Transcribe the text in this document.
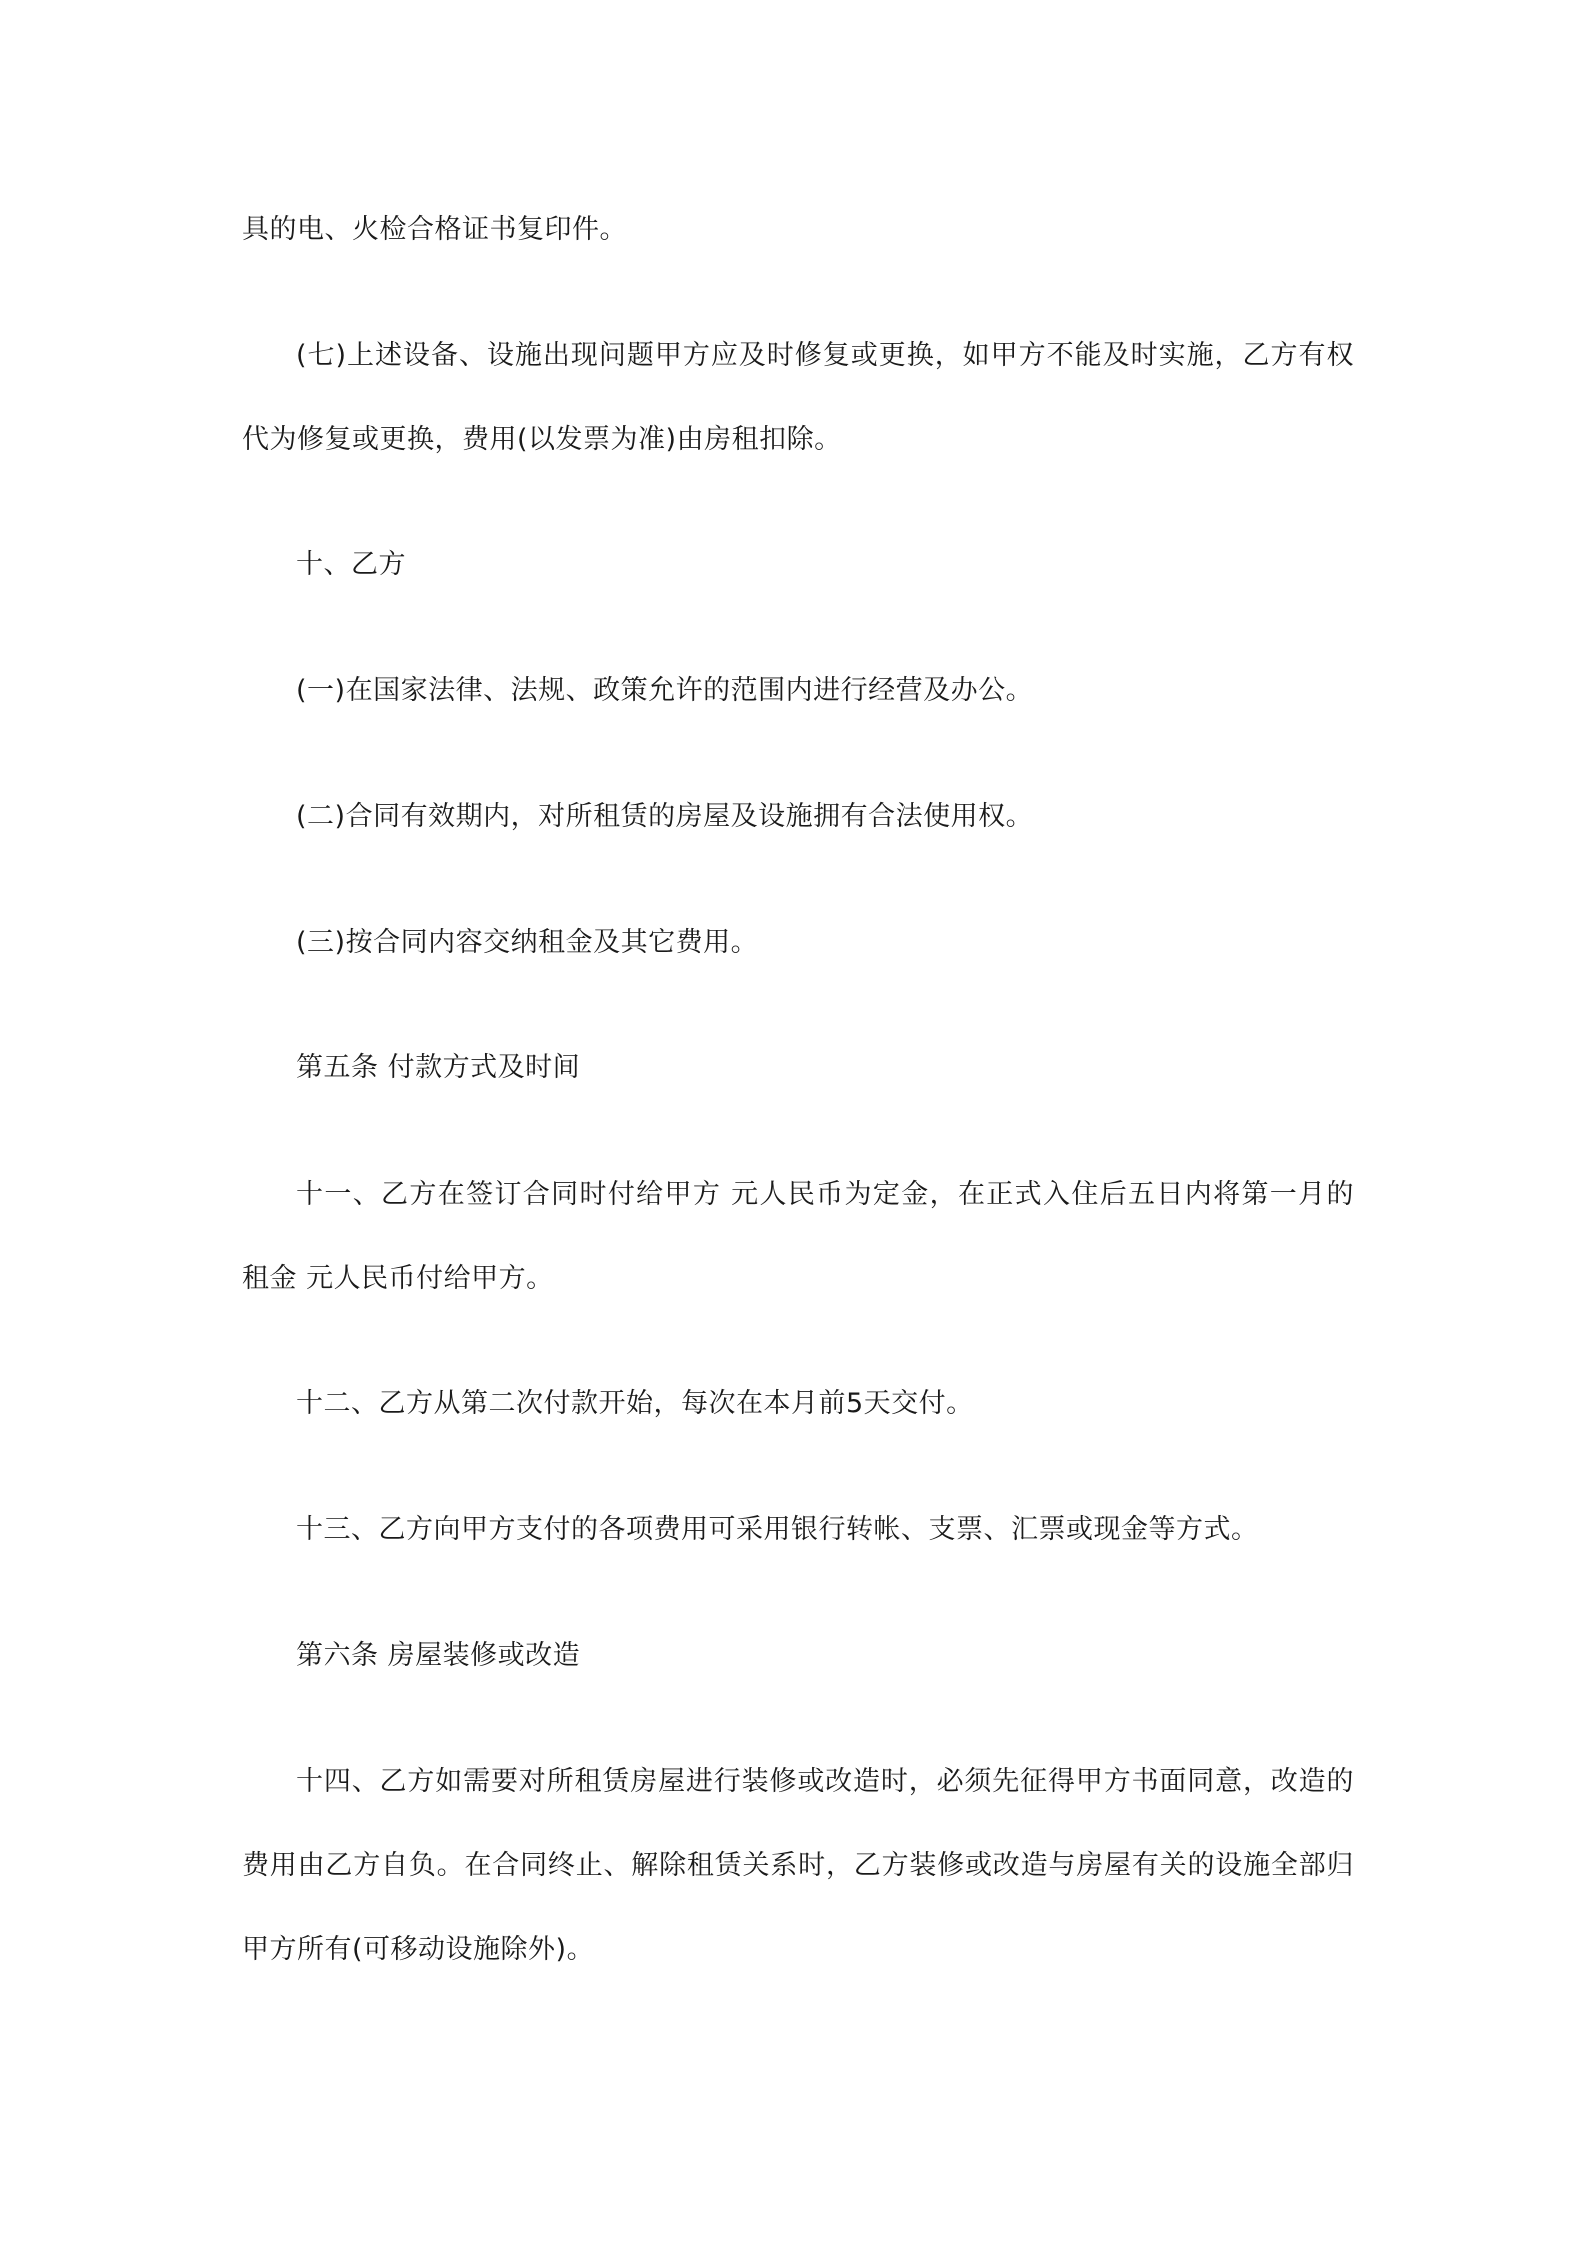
具的电、火检合格证书复印件。
(七)上述设备、设施出现问题甲方应及时修复或更换，如甲方不能及时实施，乙方有权
代为修复或更换，费用(以发票为准)由房租扣除。
十、乙方
(一)在国家法律、法规、政策允许的范围内进行经营及办公。
(二)合同有效期内，对所租赁的房屋及设施拥有合法使用权。
(三)按合同内容交纳租金及其它费用。
第五条 付款方式及时间
十一、乙方在签订合同时付给甲方 元人民币为定金，在正式入住后五日内将第一月的
租金 元人民币付给甲方。
十二、乙方从第二次付款开始，每次在本月前5天交付。
十三、乙方向甲方支付的各项费用可采用银行转帐、支票、汇票或现金等方式。
第六条 房屋装修或改造
十四、乙方如需要对所租赁房屋进行装修或改造时，必须先征得甲方书面同意，改造的
费用由乙方自负。在合同终止、解除租赁关系时，乙方装修或改造与房屋有关的设施全部归
甲方所有(可移动设施除外)。
